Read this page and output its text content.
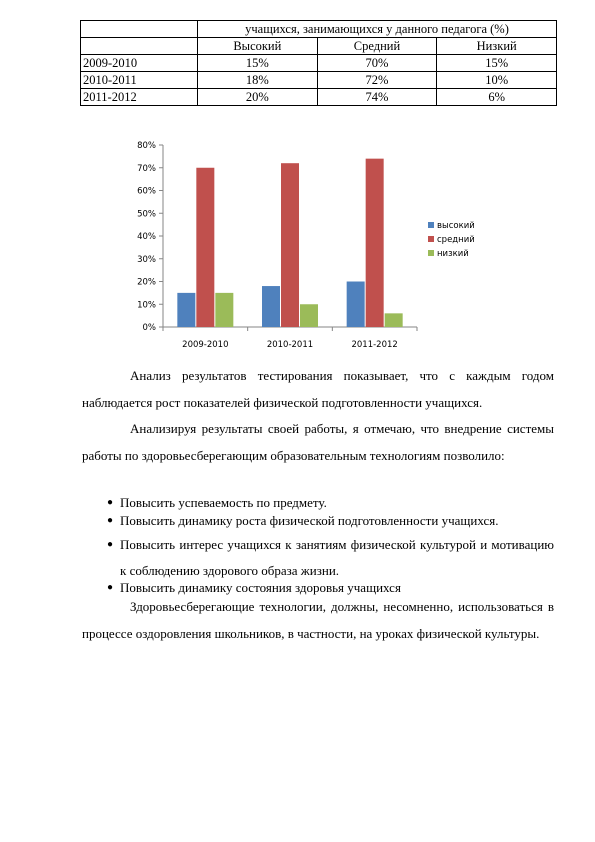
	учащихся, занимающихся у данного педагога (%)		
	Высокий	Средний	Низкий
2009-2010	15%	70%	15%
2010-2011	18%	72%	10%
2011-2012	20%	74%	6%
0%
10%
20%
30%
40%
50%
60%
70%
80%
2009-2010	2010-2011	2011-2012
высокий
средний
низкий

Анализ результатов тестирования показывает, что с каждым годом наблюдается рост показателей физической подготовленности учащихся.

Анализируя результаты своей работы, я отмечаю, что внедрение системы работы по здоровьесберегающим образовательным технологиям позволило:

● Повысить успеваемость по предмету.
● Повысить динамику роста физической подготовленности учащихся.
● Повысить интерес учащихся к занятиям физической культурой и мотивацию к соблюдению здорового образа жизни.
● Повысить динамику состояния здоровья учащихся

Здоровьесберегающие технологии, должны, несомненно, использоваться в процессе оздоровления школьников, в частности, на уроках физической культуры.
